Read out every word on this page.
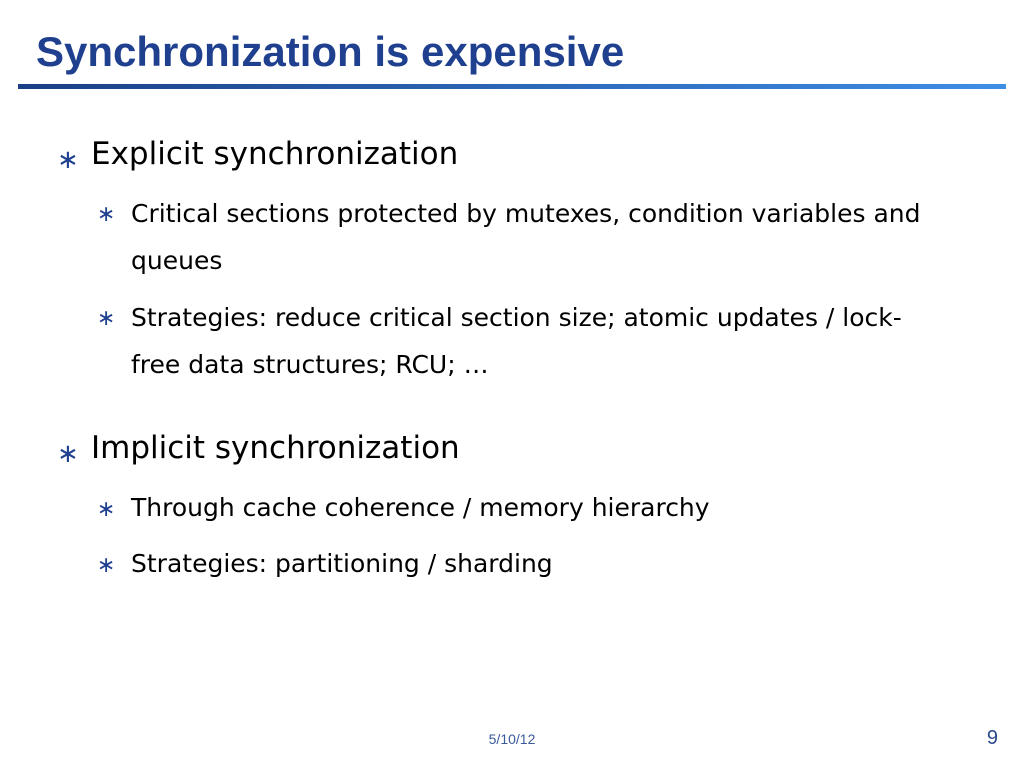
Synchronization is expensive
∗ Explicit synchronization
∗ Critical sections protected by mutexes, condition variables and queues
∗ Strategies: reduce critical section size; atomic updates / lock-free data structures; RCU; …
∗ Implicit synchronization
∗ Through cache coherence / memory hierarchy
∗ Strategies: partitioning / sharding
5/10/12	9
